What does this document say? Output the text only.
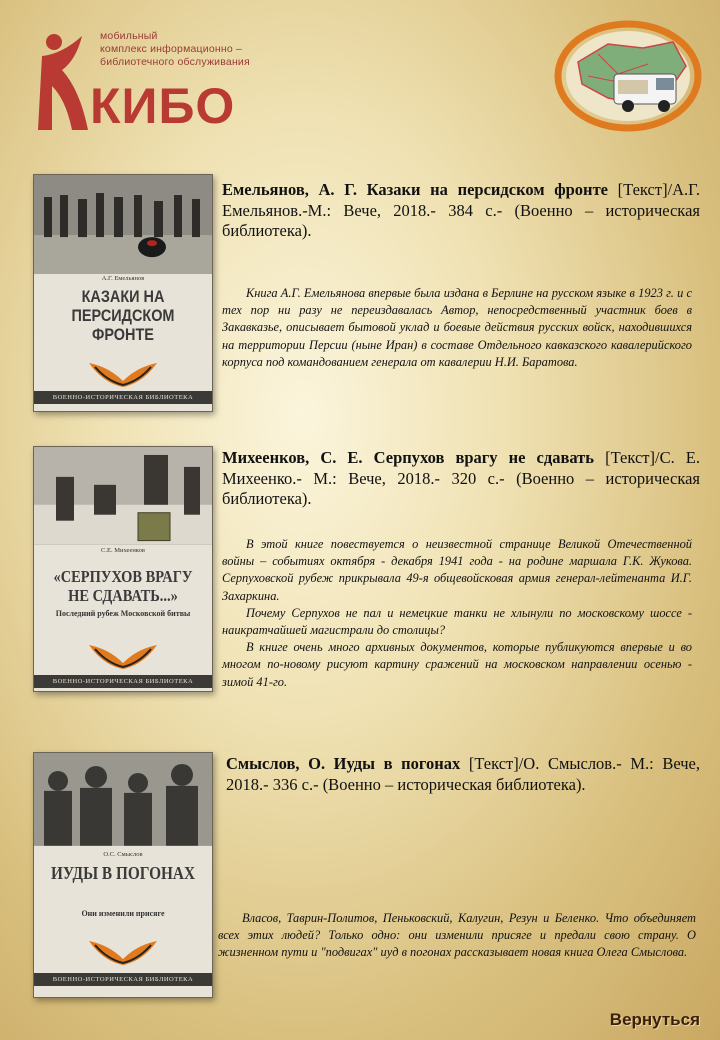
мобильный
комплекс информационно –
библиотечного обслуживания
КИБО
А.Г. Емельянов
КАЗАКИ НА ПЕРСИДСКОМ ФРОНТЕ
ВОЕННО-ИСТОРИЧЕСКАЯ БИБЛИОТЕКА
Емельянов, А. Г. Казаки на персидском фронте [Текст]/А.Г. Емельянов.-М.: Вече, 2018.- 384 с.- (Военно – историческая библиотека).

Книга А.Г. Емельянова впервые была издана в Берлине на русском языке в 1923 г. и с тех пор ни разу не переиздавалась Автор, непосредственный участник боев в Закавказье, описывает бытовой уклад и боевые действия русских войск, находившихся на территории Персии (ныне Иран) в составе Отдельного кавказского кавалерийского корпуса под командованием генерала от кавалерии Н.И. Баратова.

С.Е. Михеенков
«СЕРПУХОВ ВРАГУ НЕ СДАВАТЬ...»
Последний рубеж Московской битвы
ВОЕННО-ИСТОРИЧЕСКАЯ БИБЛИОТЕКА
Михеенков, С. Е. Серпухов врагу не сдавать [Текст]/С. Е. Михеенко.- М.: Вече, 2018.- 320 с.- (Военно – историческая библиотека).

В этой книге повествуется о неизвестной странице Великой Отечественной войны – событиях октября - декабря 1941 года - на родине маршала Г.К. Жукова. Серпуховской рубеж прикрывала 49-я общевойсковая армия генерал-лейтенанта И.Г. Захаркина.

Почему Серпухов не пал и немецкие танки не хлынули по московскому шоссе - наикратчайшей магистрали до столицы?

В книге очень много архивных документов, которые публикуются впервые и во многом по-новому рисуют картину сражений на московском направлении осенью - зимой 41-го.

О.С. Смыслов
ИУДЫ В ПОГОНАХ
Они изменили присяге
ВОЕННО-ИСТОРИЧЕСКАЯ БИБЛИОТЕКА
Смыслов, О. Иуды в погонах [Текст]/О. Смыслов.- М.: Вече, 2018.- 336 с.- (Военно – историческая библиотека).

Власов, Таврин-Политов, Пеньковский, Калугин, Резун и Беленко. Что объединяет всех этих людей? Только одно: они изменили присяге и предали свою страну. О жизненном пути и "подвигах" иуд в погонах рассказывает новая книга Олега Смыслова.

Вернуться
